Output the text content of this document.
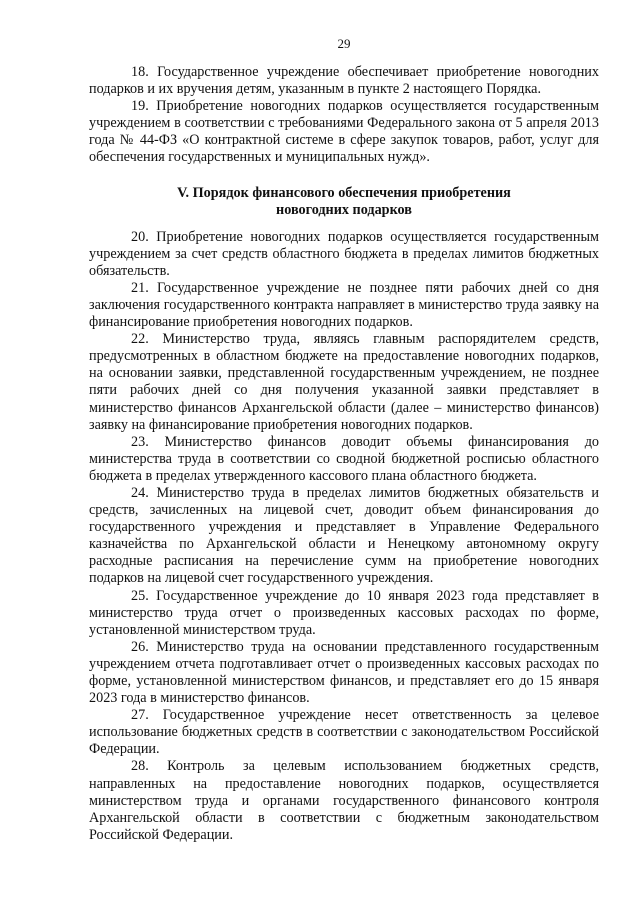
29

18. Государственное учреждение обеспечивает приобретение новогодних подарков и их вручения детям, указанным в пункте 2 настоящего Порядка.

19. Приобретение новогодних подарков осуществляется государственным учреждением в соответствии с требованиями Федерального закона от 5 апреля 2013 года № 44-ФЗ «О контрактной системе в сфере закупок товаров, работ, услуг для обеспечения государственных и муниципальных нужд».

V. Порядок финансового обеспечения приобретения
новогодних подарков

20. Приобретение новогодних подарков осуществляется государственным учреждением за счет средств областного бюджета в пределах лимитов бюджетных обязательств.

21. Государственное учреждение не позднее пяти рабочих дней со дня заключения государственного контракта направляет в министерство труда заявку на финансирование приобретения новогодних подарков.

22. Министерство труда, являясь главным распорядителем средств, предусмотренных в областном бюджете на предоставление новогодних подарков, на основании заявки, представленной государственным учреждением, не позднее пяти рабочих дней со дня получения указанной заявки представляет в министерство финансов Архангельской области (далее – министерство финансов) заявку на финансирование приобретения новогодних подарков.

23. Министерство финансов доводит объемы финансирования до министерства труда в соответствии со сводной бюджетной росписью областного бюджета в пределах утвержденного кассового плана областного бюджета.

24. Министерство труда в пределах лимитов бюджетных обязательств и средств, зачисленных на лицевой счет, доводит объем финансирования до государственного учреждения и представляет в Управление Федерального казначейства по Архангельской области и Ненецкому автономному округу расходные расписания на перечисление сумм на приобретение новогодних подарков на лицевой счет государственного учреждения.

25. Государственное учреждение до 10 января 2023 года представляет в министерство труда отчет о произведенных кассовых расходах по форме, установленной министерством труда.

26. Министерство труда на основании представленного государственным учреждением отчета подготавливает отчет о произведенных кассовых расходах по форме, установленной министерством финансов, и представляет его до 15 января 2023 года в министерство финансов.

27. Государственное учреждение несет ответственность за целевое использование бюджетных средств в соответствии с законодательством Российской Федерации.

28. Контроль за целевым использованием бюджетных средств, направленных на предоставление новогодних подарков, осуществляется министерством труда и органами государственного финансового контроля Архангельской области в соответствии с бюджетным законодательством Российской Федерации.
